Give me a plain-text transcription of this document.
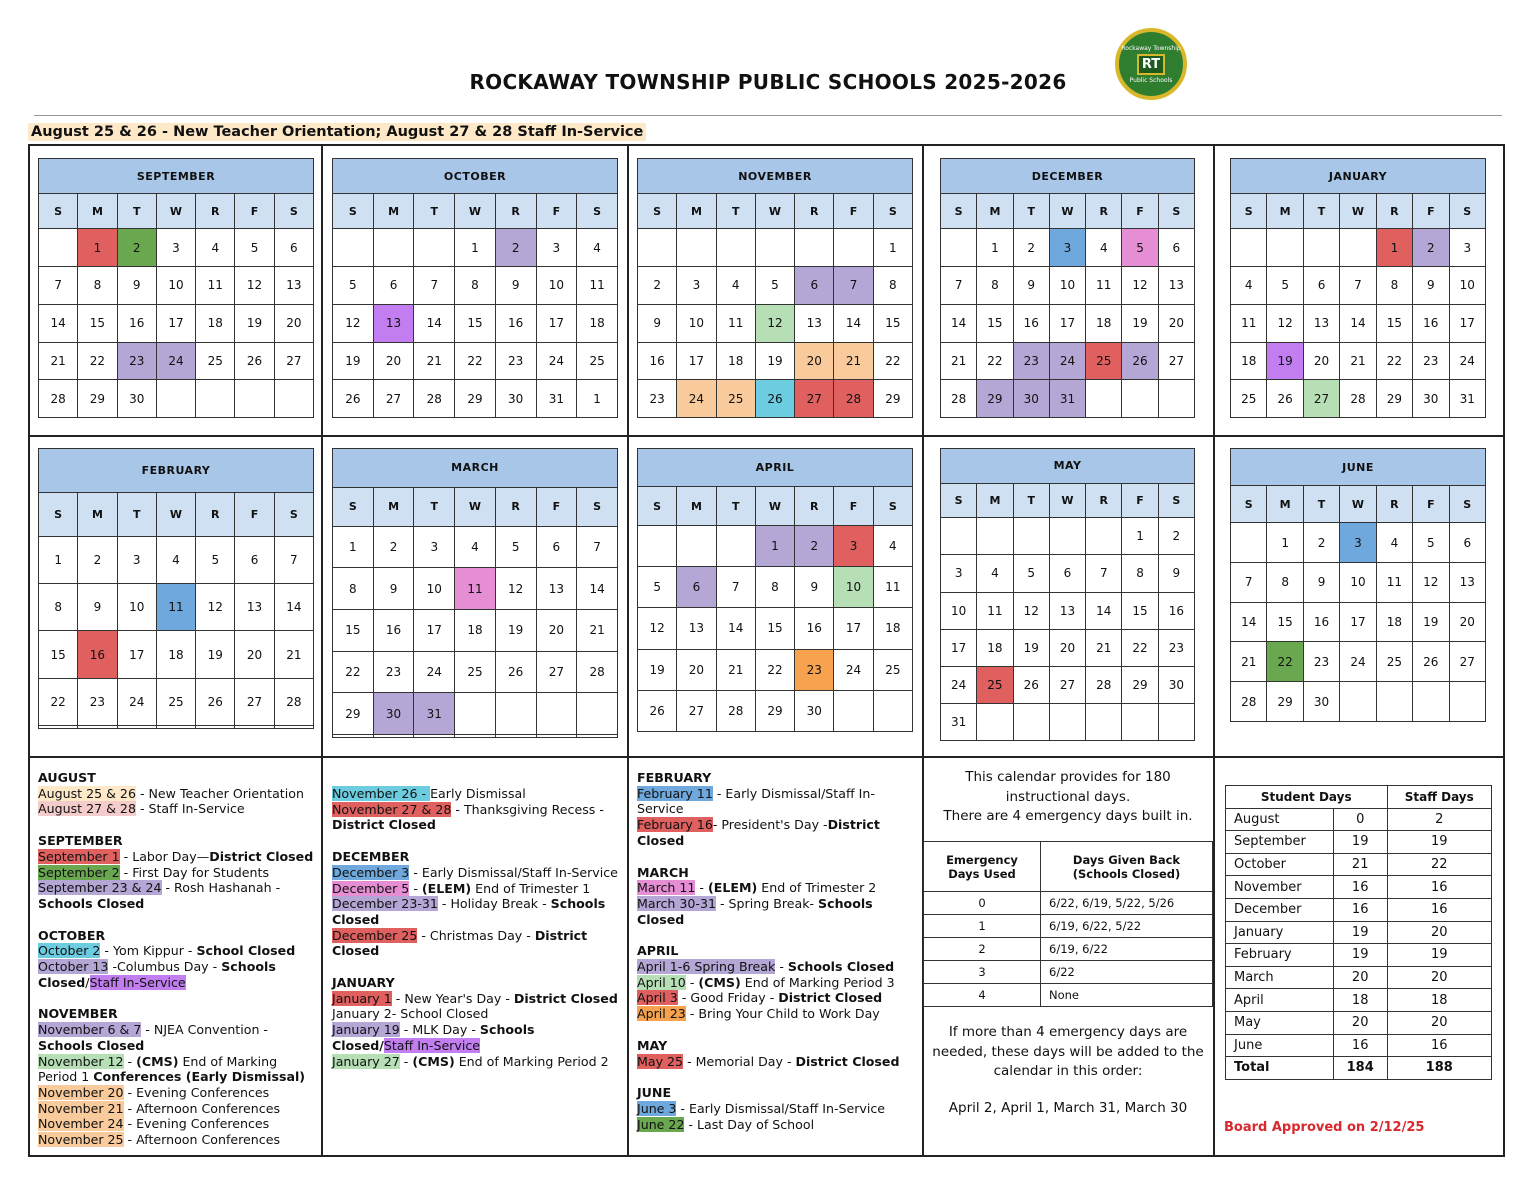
ROCKAWAY TOWNSHIP PUBLIC SCHOOLS 2025-2026
Rockaway Township
RT
Public Schools
August 25 & 26 - New Teacher Orientation; August 27 & 28 Staff In-Service
SEPTEMBER						
S	M	T	W	R	F	S
	1	2	3	4	5	6
7	8	9	10	11	12	13
14	15	16	17	18	19	20
21	22	23	24	25	26	27
28	29	30				
OCTOBER						
S	M	T	W	R	F	S
			1	2	3	4
5	6	7	8	9	10	11
12	13	14	15	16	17	18
19	20	21	22	23	24	25
26	27	28	29	30	31	1
NOVEMBER						
S	M	T	W	R	F	S
						1
2	3	4	5	6	7	8
9	10	11	12	13	14	15
16	17	18	19	20	21	22
23	24	25	26	27	28	29
DECEMBER						
S	M	T	W	R	F	S
	1	2	3	4	5	6
7	8	9	10	11	12	13
14	15	16	17	18	19	20
21	22	23	24	25	26	27
28	29	30	31			
JANUARY						
S	M	T	W	R	F	S
				1	2	3
4	5	6	7	8	9	10
11	12	13	14	15	16	17
18	19	20	21	22	23	24
25	26	27	28	29	30	31
FEBRUARY						
S	M	T	W	R	F	S
1	2	3	4	5	6	7
8	9	10	11	12	13	14
15	16	17	18	19	20	21
22	23	24	25	26	27	28

MARCH						
S	M	T	W	R	F	S
1	2	3	4	5	6	7
8	9	10	11	12	13	14
15	16	17	18	19	20	21
22	23	24	25	26	27	28
29	30	31				

APRIL						
S	M	T	W	R	F	S
			1	2	3	4
5	6	7	8	9	10	11
12	13	14	15	16	17	18
19	20	21	22	23	24	25
26	27	28	29	30		
MAY						
S	M	T	W	R	F	S
					1	2
3	4	5	6	7	8	9
10	11	12	13	14	15	16
17	18	19	20	21	22	23
24	25	26	27	28	29	30
31						
JUNE						
S	M	T	W	R	F	S
	1	2	3	4	5	6
7	8	9	10	11	12	13
14	15	16	17	18	19	20
21	22	23	24	25	26	27
28	29	30				
AUGUST
August 25 & 26 - New Teacher Orientation
August 27 & 28 - Staff In-Service
SEPTEMBER
September 1 - Labor Day—District Closed
September 2 - First Day for Students
September 23 & 24 - Rosh Hashanah - Schools Closed
OCTOBER
October 2 - Yom Kippur - School Closed
October 13 -Columbus Day - Schools Closed/Staff In-Service
NOVEMBER
November 6 & 7 - NJEA Convention - Schools Closed
November 12 - (CMS) End of Marking Period 1 Conferences (Early Dismissal)
November 20 - Evening Conferences
November 21 - Afternoon Conferences
November 24 - Evening Conferences
November 25 - Afternoon Conferences
November 26 - Early Dismissal
November 27 & 28 - Thanksgiving Recess - District Closed
DECEMBER
December 3 - Early Dismissal/Staff In-Service
December 5 - (ELEM) End of Trimester 1
December 23-31 - Holiday Break - Schools Closed
December 25 - Christmas Day - District Closed
JANUARY
January 1 - New Year's Day - District Closed
January 2- School Closed
January 19 - MLK Day - Schools Closed/Staff In-Service
January 27 - (CMS) End of Marking Period 2
FEBRUARY
February 11 - Early Dismissal/Staff In-Service
February 16- President's Day -District Closed
MARCH
March 11 - (ELEM) End of Trimester 2
March 30-31 - Spring Break- Schools Closed
APRIL
April 1-6 Spring Break - Schools Closed
April 10 - (CMS) End of Marking Period 3
April 3 - Good Friday - District Closed
April 23 - Bring Your Child to Work Day
MAY
May 25 - Memorial Day - District Closed
JUNE
June 3 - Early Dismissal/Staff In-Service
June 22 - Last Day of School
This calendar provides for 180
instructional days.
There are 4 emergency days built in.
Emergency Days Used	Days Given Back (Schools Closed)
0	6/22, 6/19, 5/22, 5/26
1	6/19, 6/22, 5/22
2	6/19, 6/22
3	6/22
4	None
If more than 4 emergency days are
needed, these days will be added to the
calendar in this order:
April 2, April 1, March 31, March 30
Student Days		Staff Days
August	0	2
September	19	19
October	21	22
November	16	16
December	16	16
January	19	20
February	19	19
March	20	20
April	18	18
May	20	20
June	16	16
Total	184	188
Board Approved on 2/12/25
